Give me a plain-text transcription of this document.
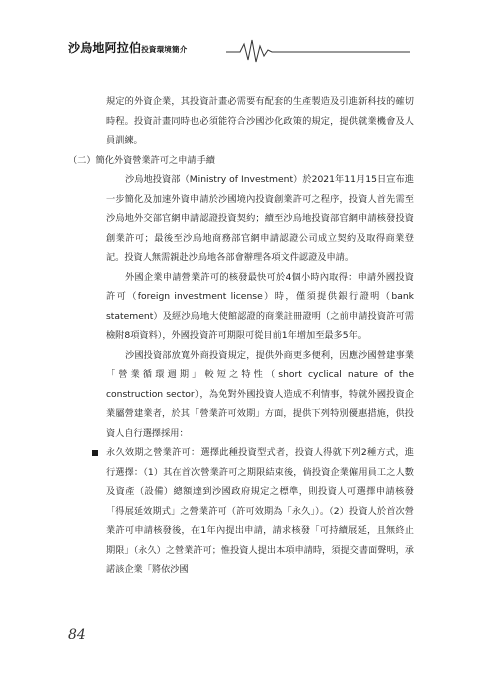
沙烏地阿拉伯投資環境簡介

規定的外資企業，其投資計畫必需要有配套的生產製造及引進新科技的確切時程。投資計畫同時也必須能符合沙國沙化政策的規定，提供就業機會及人員訓練。

（二）簡化外資營業許可之申請手續

沙烏地投資部（Ministry of Investment）於2021年11月15日宣布進一步簡化及加速外資申請於沙國境內投資創業許可之程序，投資人首先需至沙烏地外交部官網申請認證投資契約；續至沙烏地投資部官網申請核發投資創業許可；最後至沙烏地商務部官網申請認證公司成立契約及取得商業登記。投資人無需親赴沙烏地各部會辦理各項文件認證及申請。

外國企業申請營業許可的核發最快可於4個小時內取得：申請外國投資許可（foreign investment license）時，僅須提供銀行證明（bank statement）及經沙烏地大使館認證的商業註冊證明（之前申請投資許可需檢附8項資料），外國投資許可期限可從目前1年增加至最多5年。

沙國投資部放寬外商投資規定，提供外商更多便利，因應沙國營建事業「營業循環週期」較短之特性（short cyclical nature of the construction sector），為免對外國投資人造成不利情事，特就外國投資企業屬營建業者，於其「營業許可效期」方面，提供下列特別優惠措施，供投資人自行選擇採用：

永久效期之營業許可：選擇此種投資型式者，投資人得就下列2種方式，進行選擇：（1）其在首次營業許可之期限結束後，倘投資企業僱用員工之人數及資產（設備）總額達到沙國政府規定之標準，則投資人可選擇申請核發「得展延效期式」之營業許可（許可效期為「永久」）。（2）投資人於首次營業許可申請核發後，在1年內提出申請，請求核發「可持續展延，且無終止期限」（永久）之營業許可；惟投資人提出本項申請時，須提交書面聲明，承諾該企業「將依沙國
84
